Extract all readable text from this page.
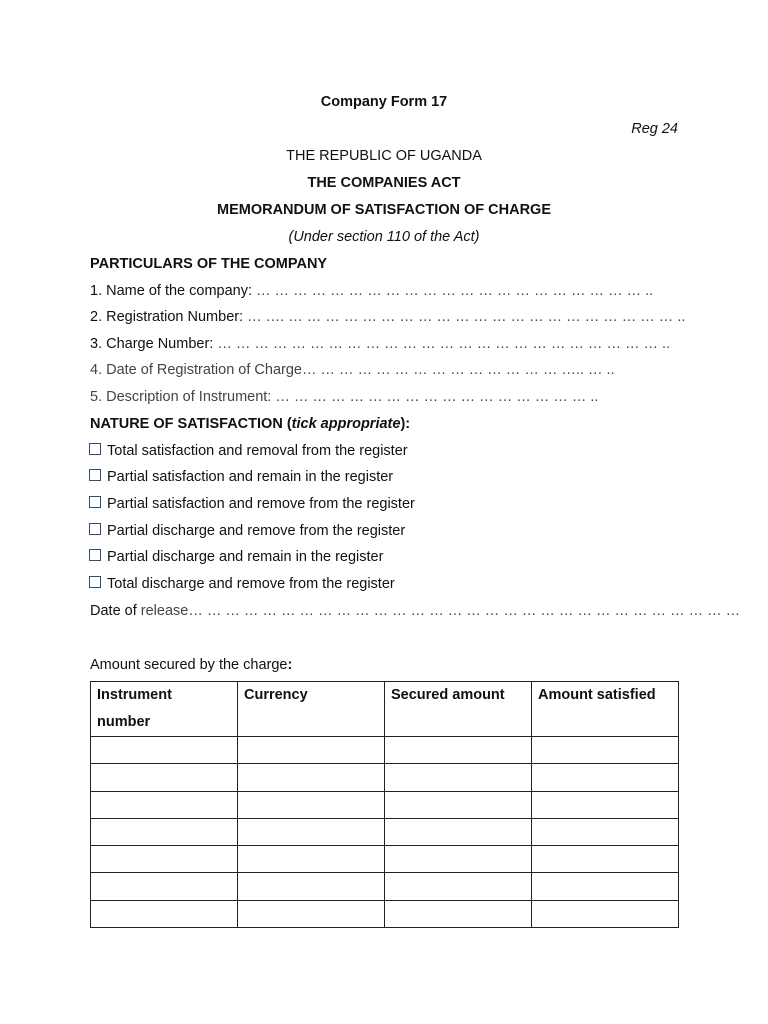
Company Form 17
Reg 24
THE REPUBLIC OF UGANDA
THE COMPANIES ACT
MEMORANDUM OF SATISFACTION OF CHARGE
(Under section 110 of the Act)
PARTICULARS OF THE COMPANY
1. Name of the company: … … … … … … … … … … … … … … … … … … … … … ..
2. Registration Number: … …. … … … … … … … … … … … … … … … … … … … … … ..
3. Charge Number: … … … … … … … … … … … … … … … … … … … … … … … … ..
4. Date of Registration of Charge… … … … … … … … … … … … … … ….. … ..
5. Description of Instrument: … … … … … … … … … … … … … … … … … ..
NATURE OF SATISFACTION (tick appropriate):
Total satisfaction and removal from the register
Partial satisfaction and remain in the register
Partial satisfaction and remove from the register
Partial discharge and remove from the register
Partial discharge and remain in the register
Total discharge and remove from the register
Date of release… … … … … … … … … … … … … … … … … … … … … … … … … … … … … …
Amount secured by the charge:
Instrument number	Currency	Secured amount	Amount satisfied
